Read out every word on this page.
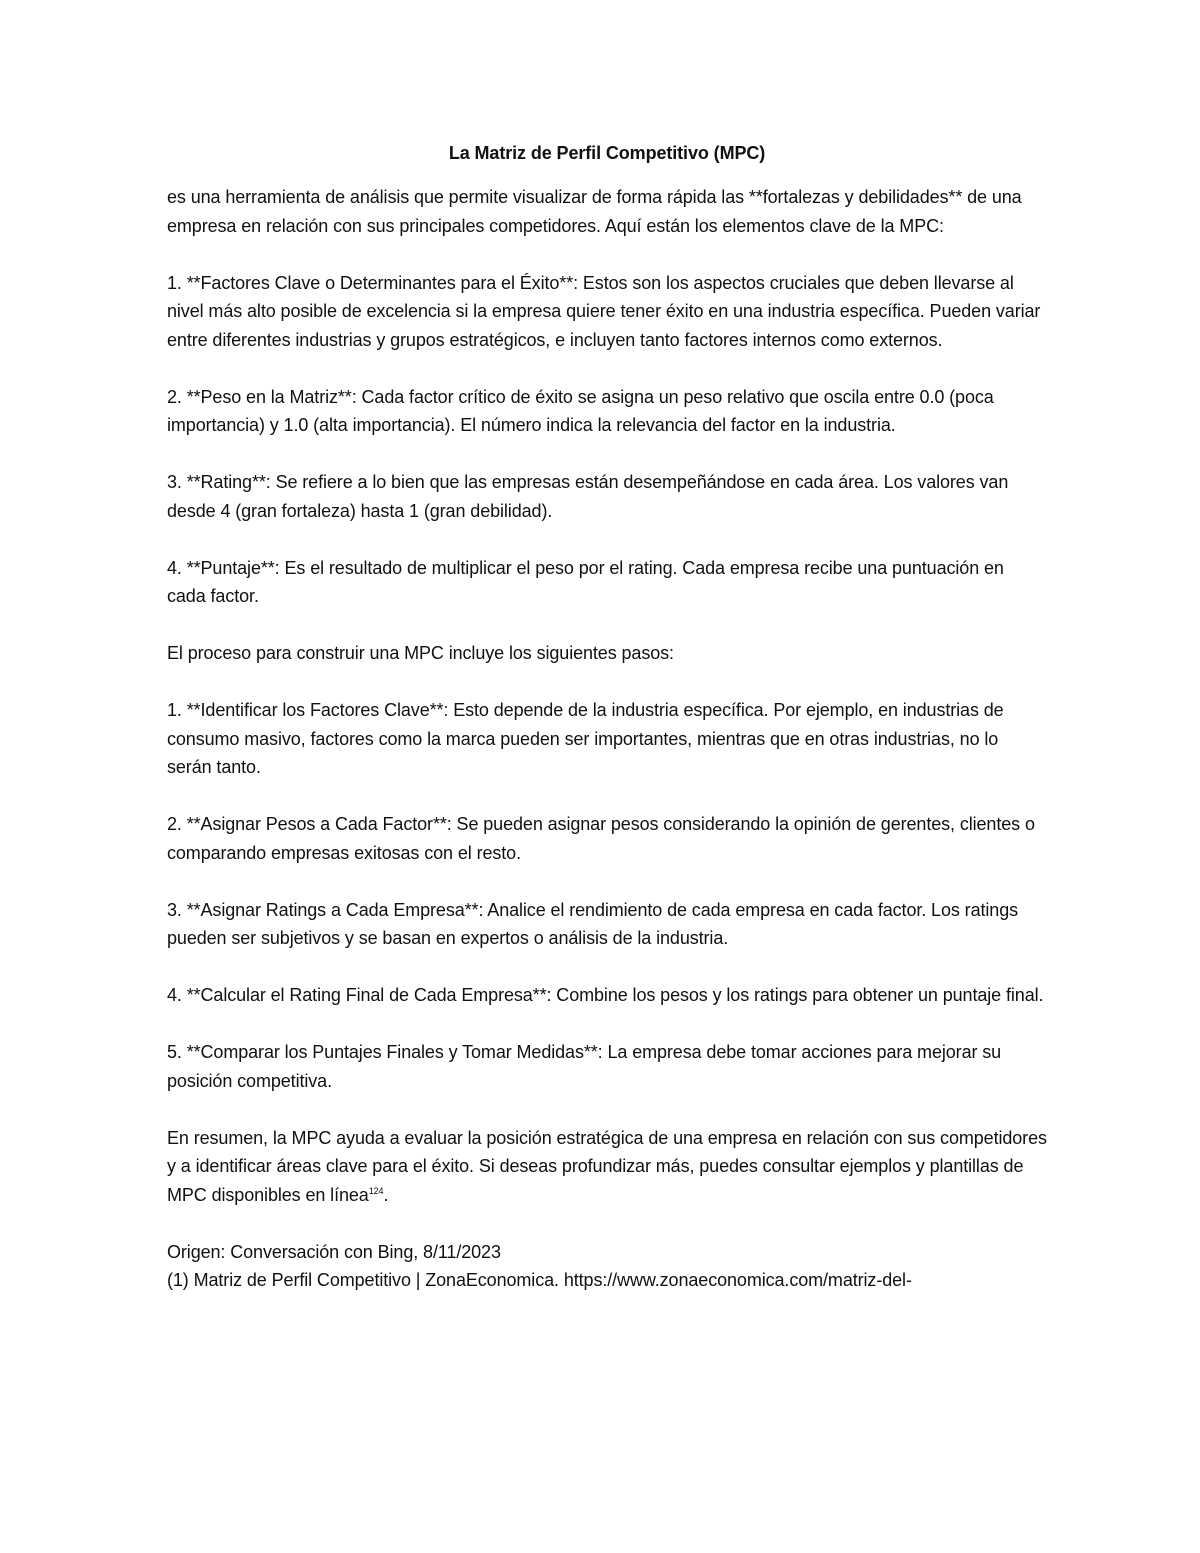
La Matriz de Perfil Competitivo (MPC)

es una herramienta de análisis que permite visualizar de forma rápida las **fortalezas y debilidades** de una empresa en relación con sus principales competidores. Aquí están los elementos clave de la MPC:

1. **Factores Clave o Determinantes para el Éxito**: Estos son los aspectos cruciales que deben llevarse al nivel más alto posible de excelencia si la empresa quiere tener éxito en una industria específica. Pueden variar entre diferentes industrias y grupos estratégicos, e incluyen tanto factores internos como externos.

2. **Peso en la Matriz**: Cada factor crítico de éxito se asigna un peso relativo que oscila entre 0.0 (poca importancia) y 1.0 (alta importancia). El número indica la relevancia del factor en la industria.

3. **Rating**: Se refiere a lo bien que las empresas están desempeñándose en cada área. Los valores van desde 4 (gran fortaleza) hasta 1 (gran debilidad).

4. **Puntaje**: Es el resultado de multiplicar el peso por el rating. Cada empresa recibe una puntuación en cada factor.

El proceso para construir una MPC incluye los siguientes pasos:

1. **Identificar los Factores Clave**: Esto depende de la industria específica. Por ejemplo, en industrias de consumo masivo, factores como la marca pueden ser importantes, mientras que en otras industrias, no lo serán tanto.

2. **Asignar Pesos a Cada Factor**: Se pueden asignar pesos considerando la opinión de gerentes, clientes o comparando empresas exitosas con el resto.

3. **Asignar Ratings a Cada Empresa**: Analice el rendimiento de cada empresa en cada factor. Los ratings pueden ser subjetivos y se basan en expertos o análisis de la industria.

4. **Calcular el Rating Final de Cada Empresa**: Combine los pesos y los ratings para obtener un puntaje final.

5. **Comparar los Puntajes Finales y Tomar Medidas**: La empresa debe tomar acciones para mejorar su posición competitiva.

En resumen, la MPC ayuda a evaluar la posición estratégica de una empresa en relación con sus competidores y a identificar áreas clave para el éxito. Si deseas profundizar más, puedes consultar ejemplos y plantillas de MPC disponibles en línea$^{124}$.

Origen: Conversación con Bing, 8/11/2023

(1) Matriz de Perfil Competitivo | ZonaEconomica. https://www.zonaeconomica.com/matriz-del-
